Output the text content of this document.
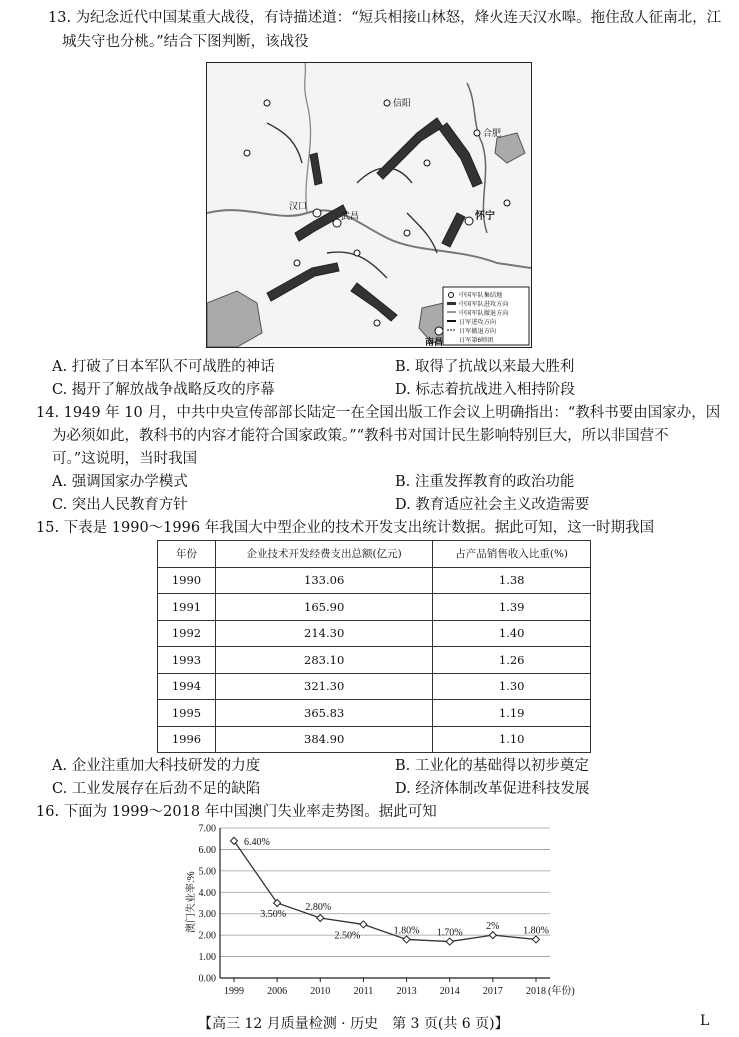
13. 为纪念近代中国某重大战役，有诗描述道：“短兵相接山林怒，烽火连天汉水嗥。拖住敌人征南北，江
城失守也分桃。”结合下图判断，该战役
汉口
武昌	怀宁
南昌
信阳
合肥
中国军队集结地
中国军队进攻方向
中国军队撤退方向
日军进攻方向
日军撤退方向
日军第6师团
A. 打破了日本军队不可战胜的神话	B. 取得了抗战以来最大胜利
C. 揭开了解放战争战略反攻的序幕	D. 标志着抗战进入相持阶段
14. 1949 年 10 月，中共中央宣传部部长陆定一在全国出版工作会议上明确指出：“教科书要由国家办，因
为必须如此，教科书的内容才能符合国家政策。”“教科书对国计民生影响特别巨大，所以非国营不
可。”这说明，当时我国
A. 强调国家办学模式	B. 注重发挥教育的政治功能
C. 突出人民教育方针	D. 教育适应社会主义改造需要
15. 下表是 1990～1996 年我国大中型企业的技术开发支出统计数据。据此可知，这一时期我国
年份	企业技术开发经费支出总额(亿元)	占产品销售收入比重(%)
1990	133.06	1.38
1991	165.90	1.39
1992	214.30	1.40
1993	283.10	1.26
1994	321.30	1.30
1995	365.83	1.19
1996	384.90	1.10
A. 企业注重加大科技研发的力度	B. 工业化的基础得以初步奠定
C. 工业发展存在后劲不足的缺陷	D. 经济体制改革促进科技发展
16. 下面为 1999～2018 年中国澳门失业率走势图。据此可知
0.00
1.00
2.00
3.00
4.00
5.00
6.00
7.00
1999 2006 2010 2011 2013 2014 2017 2018
6.40%
3.50%
2.80%
2.50%	1.80% 1.70%
2% 1.80%
澳门失业率:%
(年份)
【高三 12 月质量检测 · 历史　第 3 页(共 6 页)】	L
